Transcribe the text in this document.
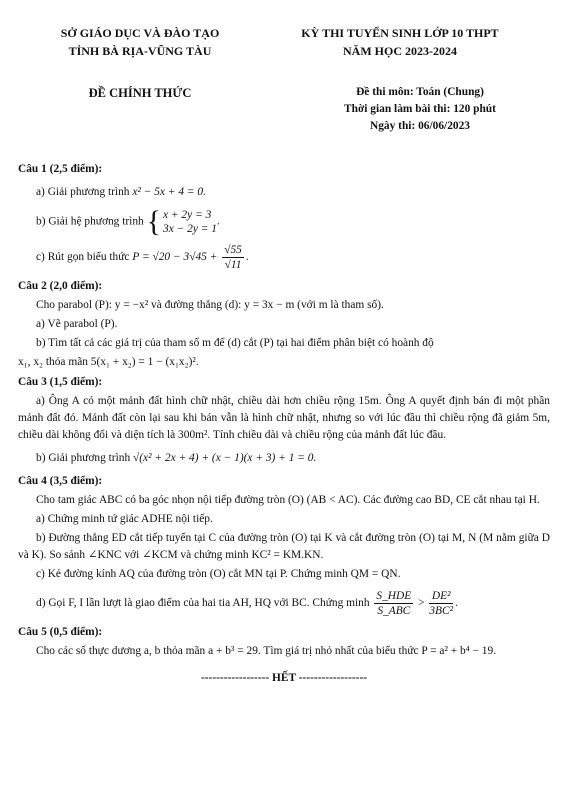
SỞ GIÁO DỤC VÀ ĐÀO TẠO
TỈNH BÀ RỊA-VŨNG TÀU
KỲ THI TUYỂN SINH LỚP 10 THPT
NĂM HỌC 2023-2024
ĐỀ CHÍNH THỨC	Đề thi môn: Toán (Chung)
Thời gian làm bài thi: 120 phút
Ngày thi: 06/06/2023
Câu 1 (2,5 điểm):
a) Giải phương trình x² − 5x + 4 = 0.
b) Giải hệ phương trình { x + 2y = 3
3x − 2y = 1
.
c) Rút gọn biểu thức $P = √20 - 3√45 + \frac{√55}{√11}$ .
Câu 2 (2,0 điểm):
Cho parabol (P): y = −x² và đường thẳng (d): y = 3x − m (với m là tham số).
a) Vẽ parabol (P).
b) Tìm tất cả các giá trị của tham số m để (d) cắt (P) tại hai điểm phân biệt có hoành độ
x₁, x₂ thỏa mãn 5(x₁ + x₂) = 1 − (x₁x₂)².
Câu 3 (1,5 điểm):
a) Ông A có một mảnh đất hình chữ nhật, chiều dài hơn chiều rộng 15m. Ông A quyết định bán đi một phần mảnh đất đó. Mảnh đất còn lại sau khi bán vẫn là hình chữ nhật, nhưng so với lúc đầu thì chiều rộng đã giảm 5m, chiều dài không đổi và diện tích là 300m². Tính chiều dài và chiều rộng của mảnh đất lúc đầu.
b) Giải phương trình √(x² + 2x + 4) + (x − 1)(x + 3) + 1 = 0.
Câu 4 (3,5 điểm):
Cho tam giác ABC có ba góc nhọn nội tiếp đường tròn (O) (AB < AC). Các đường cao BD, CE cắt nhau tại H.
a) Chứng minh tứ giác ADHE nội tiếp.
b) Đường thẳng ED cắt tiếp tuyến tại C của đường tròn (O) tại K và cắt đường tròn (O) tại M, N (M nằm giữa D và K). So sánh ∠KNC với ∠KCM và chứng minh KC² = KM.KN.
c) Kẻ đường kính AQ của đường tròn (O) cắt MN tại P. Chứng minh QM = QN.
d) Gọi F, I lần lượt là giao điểm của hai tia AH, HQ với BC. Chứng minh $\frac{\text{S\_HDE}}{\text{S\_ABC}} > \frac{\text{DE²}}{\text{3BC²}}$ .
Câu 5 (0,5 điểm):
Cho các số thực dương a, b thỏa mãn a + b³ = 29. Tìm giá trị nhỏ nhất của biểu thức P = a² + b⁴ − 19.
------------------ HẾT ------------------
